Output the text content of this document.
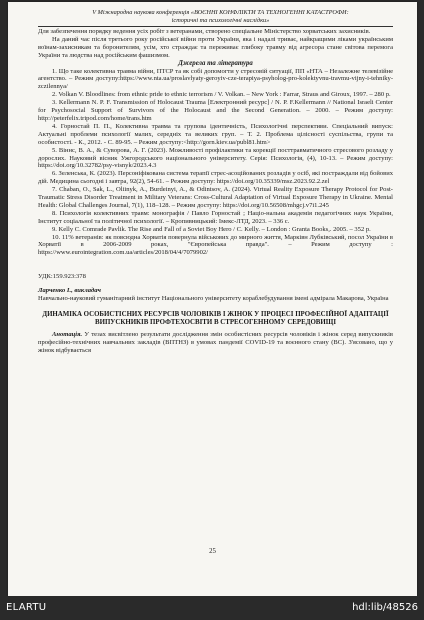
V Міжнародна наукова конференція «ВОЄННІ КОНФЛІКТИ ТА ТЕХНОГЕННІ КАТАСТРОФИ:
історичні та психологічні наслідки»

Для забезпечення порядку ведення усіх робіт з ветеранами, створено спеціальне Міністерство хорватських захисників.

На даний час після третього року російської війни проти України, яка і надалі триває, найкращими ліками українським воїнам-захисникам та боронителям, усім, хто страждає та переживає глибоку травму від агресора стане світова перемога України та людства над російським фашизмом.

Джерела та література

1. Що таке колективна травма війни, ПТСР та як собі допомогти у стресовій ситуації, ПП «НТА – Незалежне телевізійне агентство. – Режим доступу:https://www.nta.ua/proslavlyaty-geroyiv-cze-terapiya-psyholog-pro-kolektyvnu-travmu-vijny-i-tehniky-zczilennya/

2. Volkan V. Bloodlines: from ethnic pride to ethnic terrorism / V. Volkan. – New York : Farrar, Straus and Giroux, 1997. – 280 p.

3. Kellermann N. P. F. Transmission of Holocaust Trauma [Електронний ресурс] / N. P. F.Kellermann // National Israeli Center for Psychosocial Support of Survivors of the Holocaust and the Second Generation. – 2000. – Режим доступу: http://peterfelix.tripod.com/home/trans.htm

4. Горностай П. П., Колективна травма та групова ідентичність, Психологічні перспективи. Спеціальний випуск: Актуальні проблеми психології малих, середніх та великих груп. – Т. 2. Проблема цілісності суспільства, групи та особистості. - К., 2012. - С. 89-95. – Режим доступу:<http://gorn.kiev.ua/publ81.htm>

5. Віннс, В. А., & Суворова, А. Г. (2023). Можливості профілактики та корекції посттравматичного стресового розладу у дорослих. Науковий вісник Ужгородського національного університету. Серія: Психологія, (4), 10-13. – Режим доступу: https://doi.org/10.32782/psy-visnyk/2023.4.3

6. Зеленська, К. (2023). Персоніфікована система терапії стрес-асоційованих розладів у осіб, які постраждали від бойових дій. Медицина сьогодні і завтра, 92(2), 54-61. – Режим доступу: https://doi.org/10.35339/msz.2023.92.2.zel

7. Chaban, O., Sak, L., Oliinyk, A., Burdeinyi, A., & Odintsov, A. (2024). Virtual Reality Exposure Therapy Protocol for Post-Traumatic Stress Disorder Treatment in Military Veterans: Cross-Cultural Adaptation of Virtual Exposure Therapy in Ukraine. Mental Health: Global Challenges Journal, 7(1), 118–128. – Режим доступу: https://doi.org/10.56508/mhgcj.v7i1.245

8. Психологія колективних травм: монографія / Павло Горностай ; Націо-нальна академія педагогічних наук України, Інститут соціальної та політичної психології. – Кропивницький: Імекс-ЛТД, 2023. – 336 с.

9. Kelly C. Comrade Pavlik. The Rise and Fall of a Soviet Boy Hero / C. Kelly. – London : Granta Books,. 2005. – 352 p.

10. 11% ветеранів: як повсюдна Хорватія повернула військових до мирного життя, Марківн Лубківський, посол України в Хорватії в 2006-2009 роках, "Європейська правда". – Режим доступу : https://www.eurointegration.com.ua/articles/2018/04/4/7079902/

УДК:159.923:378

Ларченко І., викладач

Навчально-науковий гуманітарний інститут Національного університету кораблебудування імені адмірала Макарова, Україна

ДИНАМІКА ОСОБИСТІСНИХ РЕСУРСІВ ЧОЛОВІКІВ І ЖІНОК У ПРОЦЕСІ ПРОФЕСІЙНОЇ АДАПТАЦІЇ ВИПУСКНИКІВ ПРОФТЕХОСВІТИ В СТРЕСОГЕННОМУ СЕРЕДОВИЩІ

Анотація. У тезах висвітлено результати дослідження змін особистісних ресурсів чоловіків і жінок серед випускників професійно-технічних навчальних закладів (ВПТНЗ) в умовах пандемії COVID-19 та воєнного стану (ВС). З'ясовано, що у жінок відбувається

25
ELARTU	hdl:lib/48526
